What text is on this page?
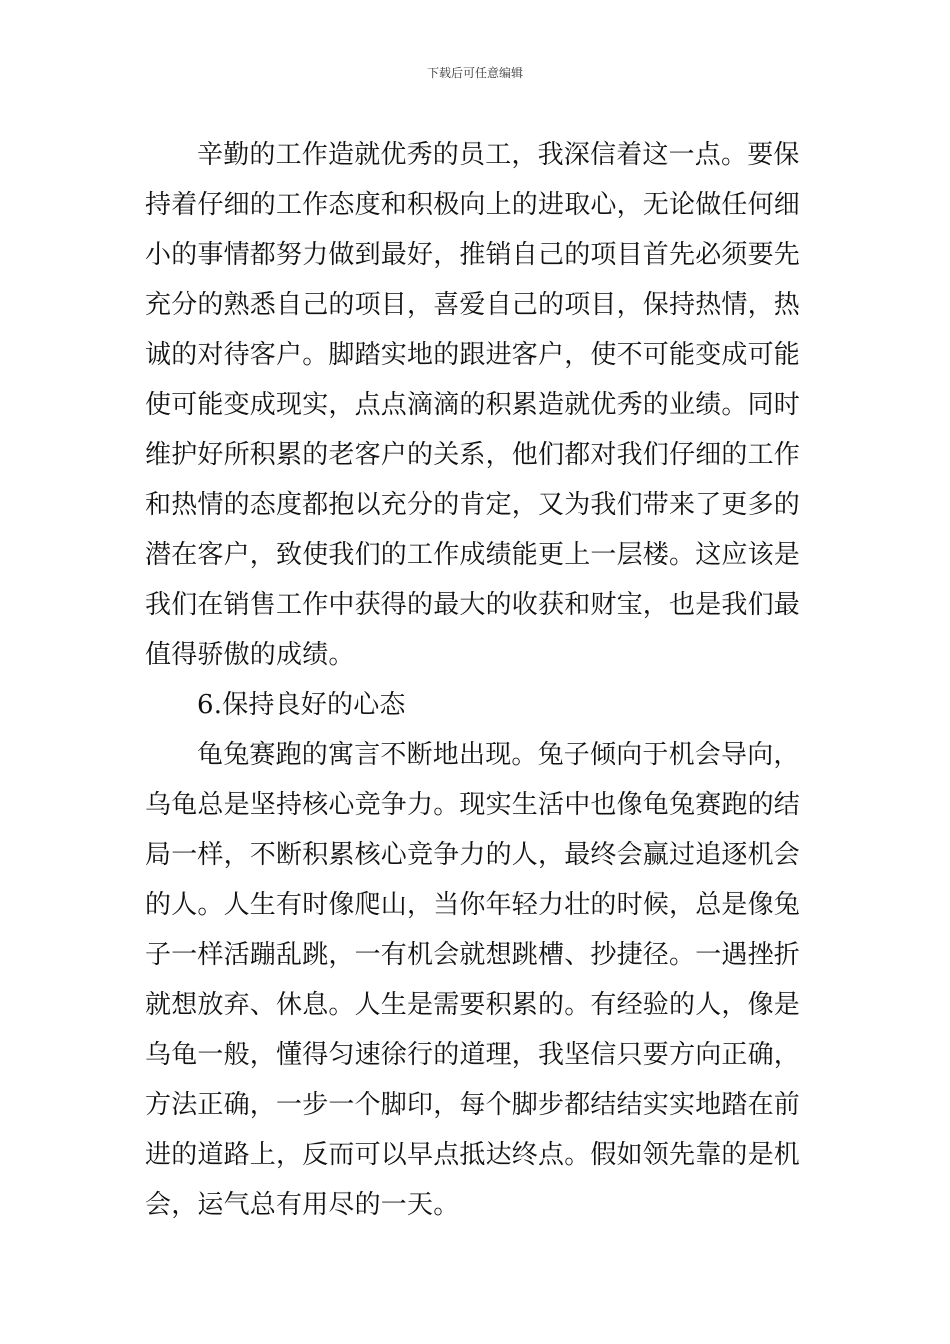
下载后可任意编辑
辛勤的工作造就优秀的员工，我深信着这一点。要保
持着仔细的工作态度和积极向上的进取心，无论做任何细
小的事情都努力做到最好，推销自己的项目首先必须要先
充分的熟悉自己的项目，喜爱自己的项目，保持热情，热
诚的对待客户。脚踏实地的跟进客户，使不可能变成可能
使可能变成现实，点点滴滴的积累造就优秀的业绩。同时
维护好所积累的老客户的关系，他们都对我们仔细的工作
和热情的态度都抱以充分的肯定，又为我们带来了更多的
潜在客户，致使我们的工作成绩能更上一层楼。这应该是
我们在销售工作中获得的最大的收获和财宝，也是我们最
值得骄傲的成绩。
6.保持良好的心态
龟兔赛跑的寓言不断地出现。兔子倾向于机会导向，
乌龟总是坚持核心竞争力。现实生活中也像龟兔赛跑的结
局一样，不断积累核心竞争力的人，最终会赢过追逐机会
的人。人生有时像爬山，当你年轻力壮的时候，总是像兔
子一样活蹦乱跳，一有机会就想跳槽、抄捷径。一遇挫折
就想放弃、休息。人生是需要积累的。有经验的人，像是
乌龟一般，懂得匀速徐行的道理，我坚信只要方向正确，
方法正确，一步一个脚印，每个脚步都结结实实地踏在前
进的道路上，反而可以早点抵达终点。假如领先靠的是机
会，运气总有用尽的一天。
